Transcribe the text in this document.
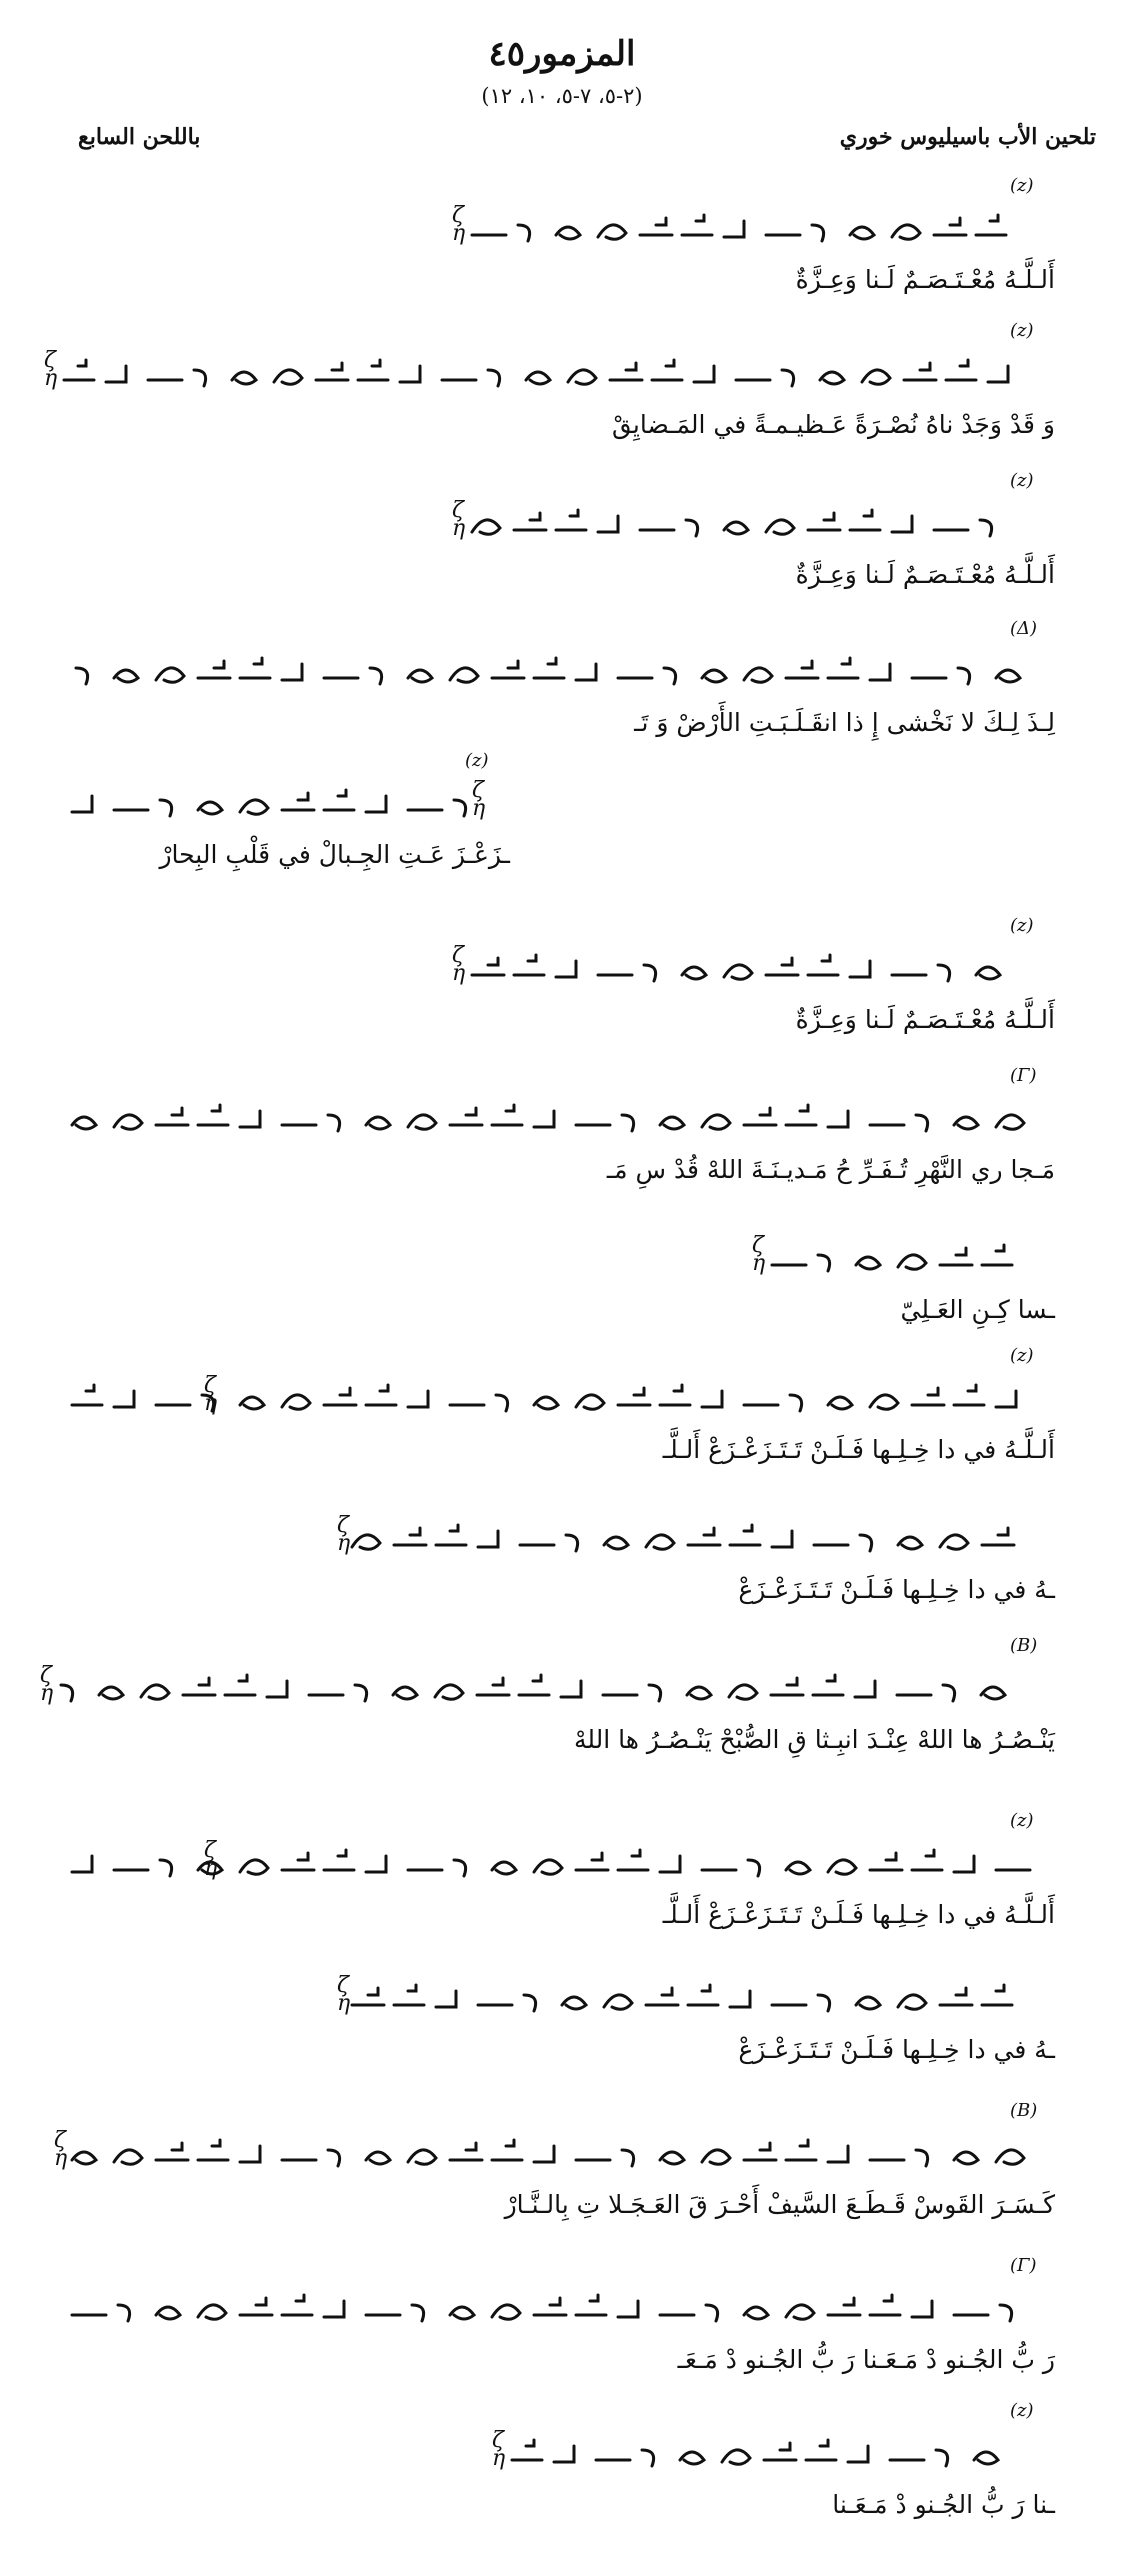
المزمور٤٥
(٢-٥، ٧-٥، ١٠، ١٢)
تلحين الأب باسيليوس خوري
باللحن السابع
(z)
ζ
η
أَلـلَّـهُ مُعْـتَـصَـمٌ لَـنا وَعِـزَّةٌ
(z)
ζ
η
وَ قَدْ وَجَدْ ناهُ نُصْـرَةً عَـظيـمـةً في المَـضايِقْ
(z)
ζ
η
أَلـلَّـهُ مُعْـتَـصَـمٌ لَـنا وَعِـزَّةٌ
(Δ)
لِـذَ لِـكَ لا نَخْشى إِ ذا انقَـلَـبَـتِ الأَرْضْ وَ تَـ
(z)
ζ
η
ـزَعْـزَ عَـتِ الجِـبالْ في قَلْبِ البِحارْ
(z)
ζ
η
أَلـلَّـهُ مُعْـتَـصَـمٌ لَـنا وَعِـزَّةٌ
(Γ)
مَـجا ري النَّهْرِ تُـفَـرِّ حُ مَـديـنَـةَ اللهْ قُدْ سِ مَـ
ζ
η
ـسا كِـنِ العَـلِيّ
(z)
ζ
η
أَلـلَّـهُ في دا خِـلِـها فَـلَـنْ تَـتَـزَعْـزَعْ أَلـلَّـ
ζ
η
ـهُ في دا خِـلِـها فَـلَـنْ تَـتَـزَعْـزَعْ
(B)
ζ
η
يَنْـصُـرُ ها اللهْ عِنْـدَ انبِـثا قِ الصُّبْحْ يَنْـصُـرُ ها اللهْ
(z)
ζ
η
أَلـلَّـهُ في دا خِـلِـها فَـلَـنْ تَـتَـزَعْـزَعْ أَلـلَّـ
ζ
η
ـهُ في دا خِـلِـها فَـلَـنْ تَـتَـزَعْـزَعْ
(B)
ζ
η
كَـسَـرَ القَوسْ قَـطَـعَ السَّيفْ أَحْـرَ قَ العَـجَـلا تِ بِالـنَّـارْ
(Γ)
رَ بُّ الجُـنو دْ مَـعَـنا رَ بُّ الجُـنو دْ مَـعَـ
(z)
ζ
η
ـنا رَ بُّ الجُـنو دْ مَـعَـنا
